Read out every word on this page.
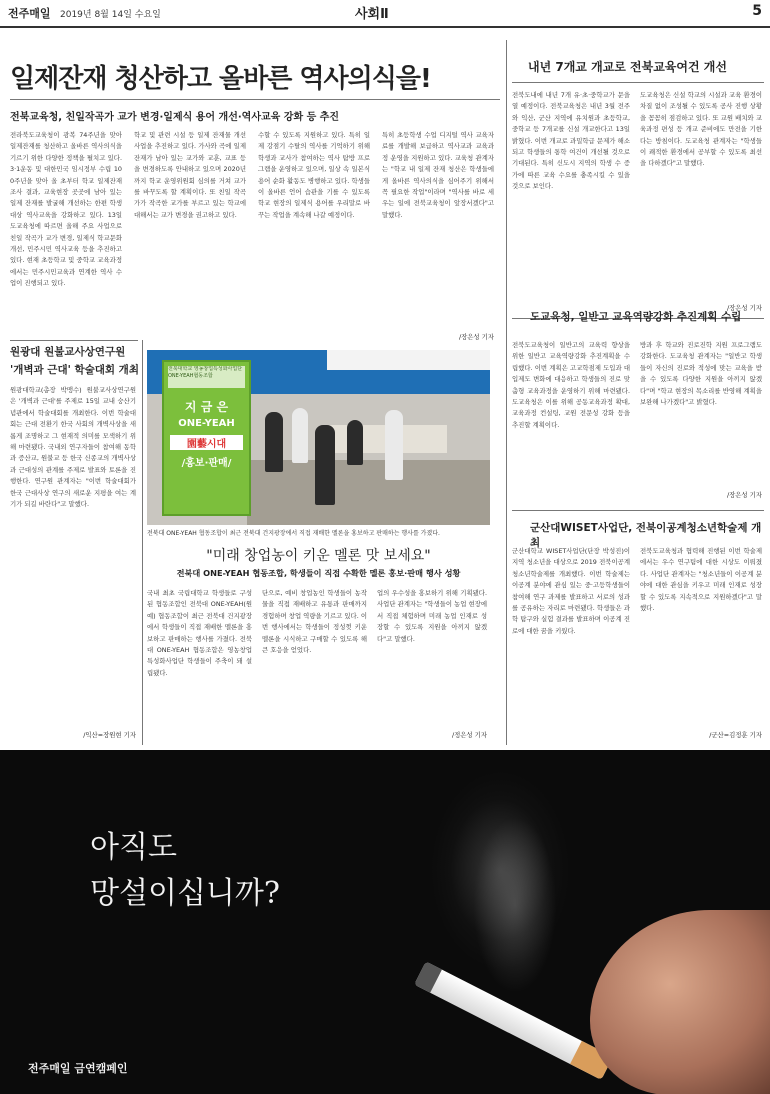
전주매일 2019년 8월 14일 수요일	사회Ⅱ	5
일제잔재 청산하고 올바른 역사의식을!
전북교육청, 친일작곡가 교가 변경·일제식 용어 개선·역사교육 강화 등 추진
전라북도교육청이 광복 74주년을 맞아 일제잔재를 청산하고 올바른 역사의식을 기르기 위한 다양한 정책을 펼치고 있다. 3·1운동 및 대한민국 임시정부 수립 100주년을 맞아 올 초부터 학교 일제잔재 조사 결과, 교육현장 곳곳에 남아 있는 일제 잔재를 발굴해 개선하는 한편 학생 대상 역사교육을 강화하고 있다. 13일 도교육청에 따르면 올해 주요 사업으로 친일 작곡가 교가 변경, 일제식 학교문화 개선, 민주시민 역사교육 등을 추진하고 있다. 현재 초등학교 및 중학교 교육과정에서는 민주시민교육과 연계한 역사 수업이 진행되고 있다.
학교 및 관련 시설 등 일제 잔재물 개선 사업을 추진하고 있다. 가사와 곡에 일제 잔재가 남아 있는 교가와 교훈, 교표 등을 변경하도록 안내하고 있으며 2020년까지 학교 운영위원회 심의를 거쳐 교가를 바꾸도록 할 계획이다. 또 친일 작곡가가 작곡한 교가를 부르고 있는 학교에 대해서는 교가 변경을 권고하고 있다.
수할 수 있도록 지원하고 있다. 특히 일제 강점기 수탈의 역사를 기억하기 위해 학생과 교사가 참여하는 역사 탐방 프로그램을 운영하고 있으며, 일상 속 일본식 용어 순화 활동도 병행하고 있다. 학생들이 올바른 언어 습관을 기를 수 있도록 학교 현장의 일제식 용어를 우리말로 바꾸는 작업을 계속해 나갈 예정이다.
특히 초등학생 수업 디지털 역사 교육자료를 개발해 보급하고 역사교과 교육과정 운영을 지원하고 있다. 교육청 관계자는 "학교 내 일제 잔재 청산은 학생들에게 올바른 역사의식을 심어주기 위해서 꼭 필요한 작업"이라며 "역사를 바로 세우는 일에 전북교육청이 앞장서겠다"고 말했다.
/장은성 기자
내년 7개교 개교로 전북교육여건 개선
전북도내에 내년 7개 유·초·중학교가 문을 열 예정이다. 전북교육청은 내년 3월 전주와 익산, 군산 지역에 유치원과 초등학교, 중학교 등 7개교를 신설 개교한다고 13일 밝혔다. 이번 개교로 과밀학급 문제가 해소되고 학생들의 통학 여건이 개선될 것으로 기대된다. 특히 신도시 지역의 학생 수 증가에 따른 교육 수요를 충족시킬 수 있을 것으로 보인다.
도교육청은 신설 학교의 시설과 교육 환경이 차질 없이 조성될 수 있도록 공사 진행 상황을 꼼꼼히 점검하고 있다. 또 교원 배치와 교육과정 편성 등 개교 준비에도 만전을 기한다는 방침이다. 도교육청 관계자는 "학생들이 쾌적한 환경에서 공부할 수 있도록 최선을 다하겠다"고 말했다.
/장은성 기자
도교육청, 일반고 교육역량강화 추진계획 수립
전북도교육청이 일반고의 교육력 향상을 위한 일반고 교육역량강화 추진계획을 수립했다. 이번 계획은 고교학점제 도입과 대입제도 변화에 대응하고 학생들의 진로 맞춤형 교육과정을 운영하기 위해 마련됐다. 도교육청은 이를 위해 공동교육과정 확대, 교육과정 컨설팅, 교원 전문성 강화 등을 추진할 계획이다.
방과 후 학교와 진로진학 지원 프로그램도 강화한다. 도교육청 관계자는 "일반고 학생들이 자신의 진로와 적성에 맞는 교육을 받을 수 있도록 다양한 지원을 아끼지 않겠다"며 "학교 현장의 목소리를 반영해 계획을 보완해 나가겠다"고 밝혔다.
/장은성 기자
군산대WISET사업단, 전북이공계청소년학술제 개최
군산대학교 WISET사업단(단장 박성진)이 지역 청소년을 대상으로 2019 전북이공계청소년학술제를 개최했다. 이번 학술제는 이공계 분야에 관심 있는 중·고등학생들이 참여해 연구 과제를 발표하고 서로의 성과를 공유하는 자리로 마련됐다. 학생들은 과학 탐구와 실험 결과를 발표하며 이공계 진로에 대한 꿈을 키웠다.
전북도교육청과 협력해 진행된 이번 학술제에서는 우수 연구팀에 대한 시상도 이뤄졌다. 사업단 관계자는 "청소년들이 이공계 분야에 대한 관심을 키우고 미래 인재로 성장할 수 있도록 지속적으로 지원하겠다"고 말했다.
/군산=김정훈 기자
원광대 원불교사상연구원
'개벽과 근대' 학술대회 개최
원광대학교(총장 박맹수) 원불교사상연구원은 '개벽과 근대'를 주제로 15일 교내 숭산기념관에서 학술대회를 개최한다. 이번 학술대회는 근대 전환기 한국 사회의 개벽사상을 새롭게 조명하고 그 현재적 의미를 모색하기 위해 마련됐다. 국내외 연구자들이 참여해 동학과 증산교, 원불교 등 한국 신종교의 개벽사상과 근대성의 관계를 주제로 발표와 토론을 진행한다. 연구원 관계자는 "이번 학술대회가 한국 근대사상 연구의 새로운 지평을 여는 계기가 되길 바란다"고 말했다.
/익산=장원현 기자
전북대학교 영농창업특성화사업단 ONE-YEAH협동조합
지 금 은
ONE-YEAH
園藝시대
/홍보·판매/
전북대 ONE-YEAH 협동조합이 최근 전북대 건지광장에서 직접 재배한 멜론을 홍보하고 판매하는 행사를 가졌다.
"미래 창업농이 키운 멜론 맛 보세요"
전북대 ONE-YEAH 협동조합, 학생들이 직접 수확한 멜론 홍보·판매 행사 성황
국내 최초 국립대학교 학생들로 구성된 협동조합인 전북대 ONE-YEAH(원예) 협동조합이 최근 전북대 건지광장에서 학생들이 직접 재배한 멜론을 홍보하고 판매하는 행사를 가졌다. 전북대 ONE-YEAH 협동조합은 영농창업특성화사업단 학생들이 주축이 돼 설립됐다.
단으로, 예비 창업농인 학생들이 농작물을 직접 재배하고 유통과 판매까지 경험하며 창업 역량을 기르고 있다. 이번 행사에서는 학생들이 정성껏 키운 멜론을 시식하고 구매할 수 있도록 해 큰 호응을 얻었다.
업의 우수성을 홍보하기 위해 기획됐다. 사업단 관계자는 "학생들이 농업 현장에서 직접 체험하며 미래 농업 인재로 성장할 수 있도록 지원을 아끼지 않겠다"고 말했다.
/정은성 기자
아직도
망설이십니까?
전주매일 금연캠페인
